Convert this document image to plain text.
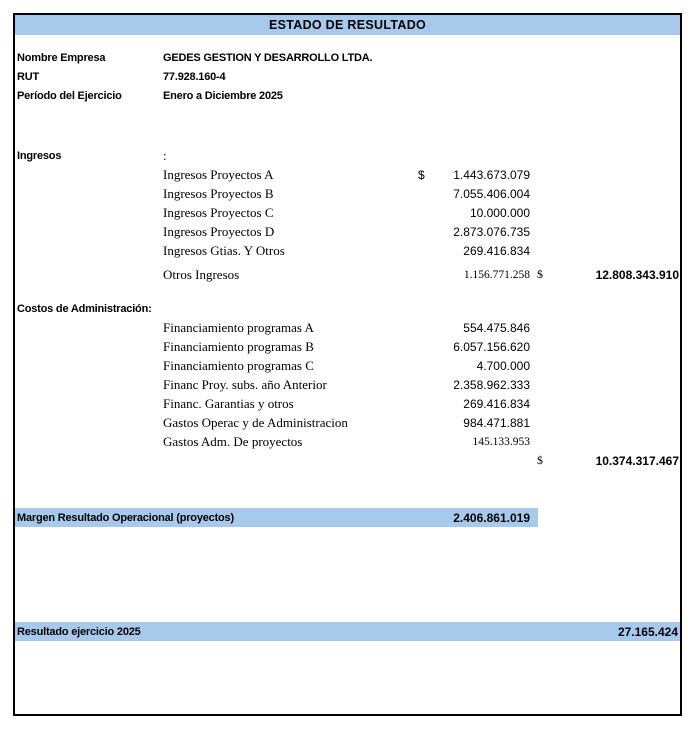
ESTADO DE RESULTADO
Nombre Empresa	GEDES GESTION Y DESARROLLO LTDA.
RUT	77.928.160-4
Período del Ejercicio	Enero a Diciembre 2025
Ingresos	:
Ingresos Proyectos A	$ 1.443.673.079
Ingresos Proyectos B	7.055.406.004
Ingresos Proyectos C	10.000.000
Ingresos Proyectos D	2.873.076.735
Ingresos Gtias. Y Otros	269.416.834
Otros Ingresos	1.156.771.258 $	12.808.343.910
Costos de Administración:
Financiamiento programas A	554.475.846
Financiamiento programas B	6.057.156.620
Financiamiento programas C	4.700.000
Financ Proy. subs. año Anterior	2.358.962.333
Financ. Garantias y otros	269.416.834
Gastos Operac y de Administracion	984.471.881
Gastos Adm. De proyectos	145.133.953
$	10.374.317.467
Margen Resultado Operacional (proyectos)	2.406.861.019
Resultado ejercicio 2025	27.165.424
